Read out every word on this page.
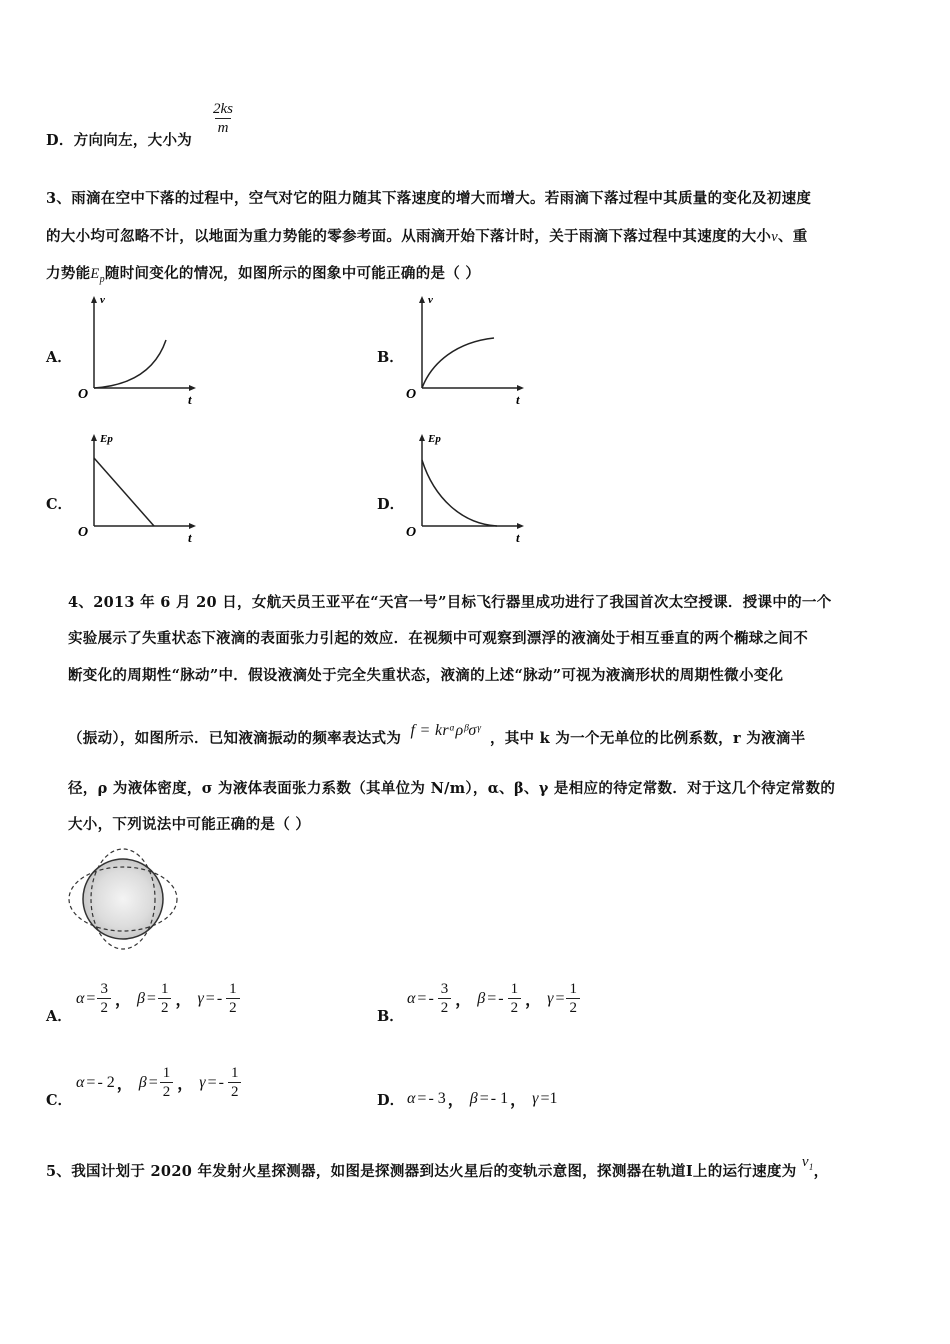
D．方向向左，大小为
$\frac{2ks}{m}$
3、雨滴在空中下落的过程中，空气对它的阻力随其下落速度的增大而增大。若雨滴下落过程中其质量的变化及初速度
的大小均可忽略不计，以地面为重力势能的零参考面。从雨滴开始下落计时，关于雨滴下落过程中其速度的大小v、重
力势能$E_p$随时间变化的情况，如图所示的图象中可能正确的是（ ）
A．	B．
C．	D．
v
t
O
v
t
O
Ep
t
O
Ep
t
O
4、2013 年 6 月 20 日，女航天员王亚平在“天宫一号”目标飞行器里成功进行了我国首次太空授课．授课中的一个
实验展示了失重状态下液滴的表面张力引起的效应．在视频中可观察到漂浮的液滴处于相互垂直的两个椭球之间不
断变化的周期性“脉动”中．假设液滴处于完全失重状态，液滴的上述“脉动”可视为液滴形状的周期性微小变化
（振动），如图所示．已知液滴振动的频率表达式为 f = krᵅρᵝσᵞ ，其中 k 为一个无单位的比例系数，r 为液滴半
径，ρ 为液体密度，σ 为液体表面张力系数（其单位为 N/m），α、β、γ 是相应的待定常数．对于这几个待定常数的
大小，下列说法中可能正确的是（ ）
A．
$\alpha = \frac{3}{2}$ ， $\beta = \frac{1}{2}$ ， γ = - $\frac{1}{2}$	B．
α = - $\frac{3}{2}$ ， β = - $\frac{1}{2}$ ， $\gamma = \frac{1}{2}$
C．
α = - 2 ， $\beta = \frac{1}{2}$ ， γ = - $\frac{1}{2}$	D． α = - 3 ， β = - 1 ， γ = 1
5、我国计划于 2020 年发射火星探测器，如图是探测器到达火星后的变轨示意图，探测器在轨道Ⅰ上的运行速度为 $v_1$，
